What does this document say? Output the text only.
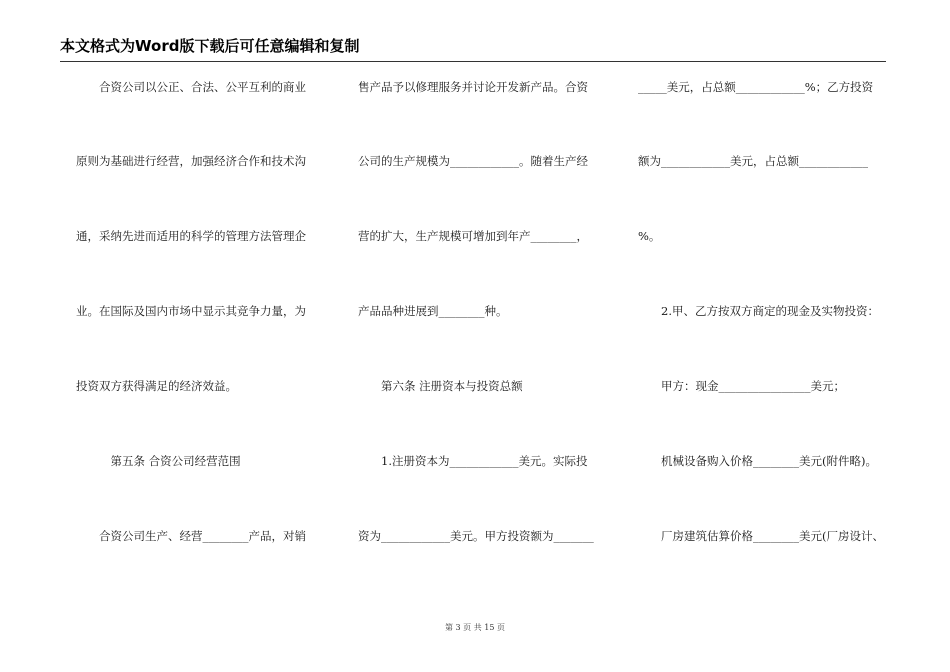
本文格式为Word版下载后可任意编辑和复制
　　合资公司以公正、合法、公平互利的商业
原则为基础进行经营，加强经济合作和技术沟
通，采纳先进而适用的科学的管理方法管理企
业。在国际及国内市场中显示其竞争力量，为
投资双方获得满足的经济效益。
　　　第五条 合资公司经营范围
　　合资公司生产、经营________产品，对销
售产品予以修理服务并讨论开发新产品。合资
公司的生产规模为____________。随着生产经
营的扩大，生产规模可增加到年产________，
产品品种进展到________种。
　　第六条 注册资本与投资总额
　　1.注册资本为____________美元。实际投
资为____________美元。甲方投资额为_______
_____美元，占总额____________%；乙方投资
额为____________美元，占总额____________
%。
　　2.甲、乙方按双方商定的现金及实物投资：
　　甲方：现金________________美元；
　　机械设备购入价格________美元(附件略)。
　　厂房建筑估算价格________美元(厂房设计、
第 3 页 共 15 页
